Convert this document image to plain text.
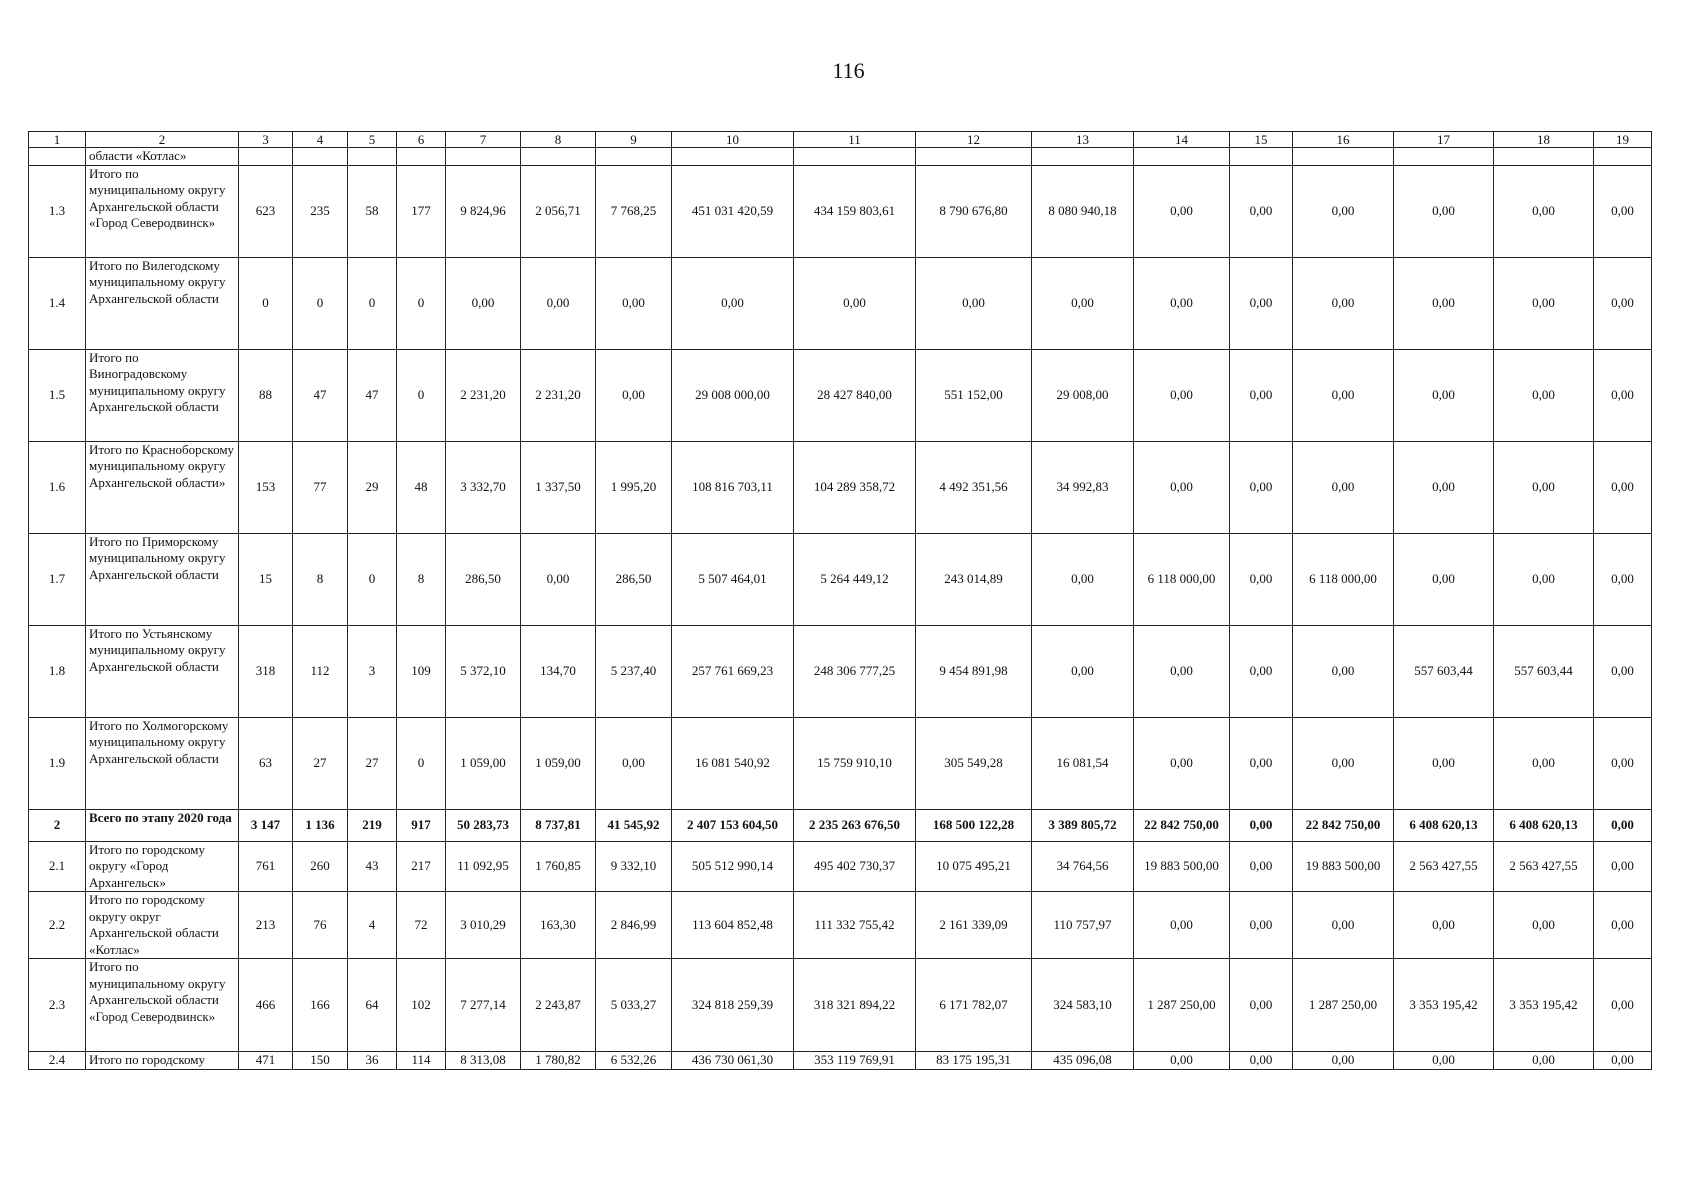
116
1	2	3	4	5	6	7	8	9	10	11	12	13	14	15	16	17	18	19
	области «Котлас»																	
1.3	Итого по муниципальному округу Архангельской области «Город Северодвинск»	623	235	58	177	9 824,96	2 056,71	7 768,25	451 031 420,59	434 159 803,61	8 790 676,80	8 080 940,18	0,00	0,00	0,00	0,00	0,00	0,00
1.4	Итого по Вилегодскому муниципальному округу Архангельской области	0	0	0	0	0,00	0,00	0,00	0,00	0,00	0,00	0,00	0,00	0,00	0,00	0,00	0,00	0,00
1.5	Итого по Виноградовскому муниципальному округу Архангельской области	88	47	47	0	2 231,20	2 231,20	0,00	29 008 000,00	28 427 840,00	551 152,00	29 008,00	0,00	0,00	0,00	0,00	0,00	0,00
1.6	Итого по Красноборскому муниципальному округу Архангельской области»	153	77	29	48	3 332,70	1 337,50	1 995,20	108 816 703,11	104 289 358,72	4 492 351,56	34 992,83	0,00	0,00	0,00	0,00	0,00	0,00
1.7	Итого по Приморскому муниципальному округу Архангельской области	15	8	0	8	286,50	0,00	286,50	5 507 464,01	5 264 449,12	243 014,89	0,00	6 118 000,00	0,00	6 118 000,00	0,00	0,00	0,00
1.8	Итого по Устьянскому муниципальному округу Архангельской области	318	112	3	109	5 372,10	134,70	5 237,40	257 761 669,23	248 306 777,25	9 454 891,98	0,00	0,00	0,00	0,00	557 603,44	557 603,44	0,00
1.9	Итого по Холмогорскому муниципальному округу Архангельской области	63	27	27	0	1 059,00	1 059,00	0,00	16 081 540,92	15 759 910,10	305 549,28	16 081,54	0,00	0,00	0,00	0,00	0,00	0,00
2	Всего по этапу 2020 года	3 147	1 136	219	917	50 283,73	8 737,81	41 545,92	2 407 153 604,50	2 235 263 676,50	168 500 122,28	3 389 805,72	22 842 750,00	0,00	22 842 750,00	6 408 620,13	6 408 620,13	0,00
2.1	Итого по городскому округу «Город Архангельск»	761	260	43	217	11 092,95	1 760,85	9 332,10	505 512 990,14	495 402 730,37	10 075 495,21	34 764,56	19 883 500,00	0,00	19 883 500,00	2 563 427,55	2 563 427,55	0,00
2.2	Итого по городскому округу округ Архангельской области «Котлас»	213	76	4	72	3 010,29	163,30	2 846,99	113 604 852,48	111 332 755,42	2 161 339,09	110 757,97	0,00	0,00	0,00	0,00	0,00	0,00
2.3	Итого по муниципальному округу Архангельской области «Город Северодвинск»	466	166	64	102	7 277,14	2 243,87	5 033,27	324 818 259,39	318 321 894,22	6 171 782,07	324 583,10	1 287 250,00	0,00	1 287 250,00	3 353 195,42	3 353 195,42	0,00
2.4	Итого по городскому	471	150	36	114	8 313,08	1 780,82	6 532,26	436 730 061,30	353 119 769,91	83 175 195,31	435 096,08	0,00	0,00	0,00	0,00	0,00	0,00
